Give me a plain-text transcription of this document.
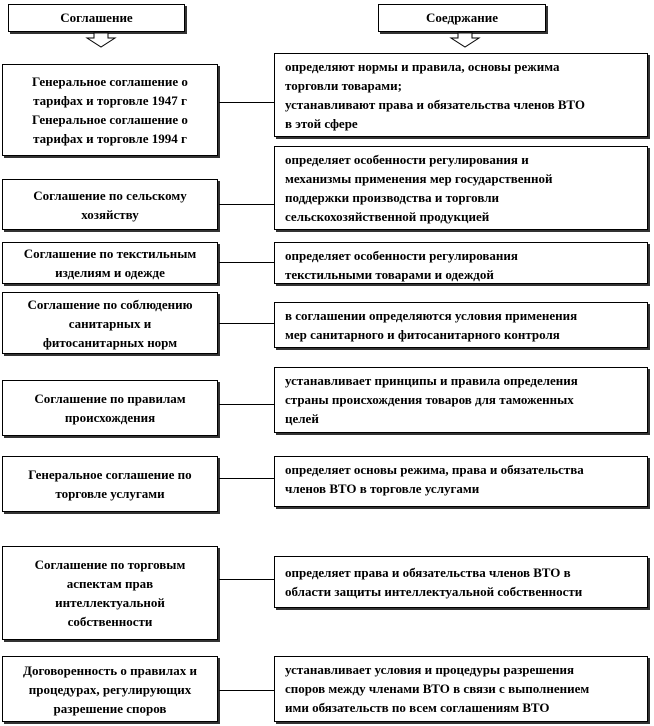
Соглашение	Соедржание
Генеральное соглашение о
тарифах и торговле 1947 г
Генеральное соглашение о
тарифах и торговле 1994 г
определяют нормы и правила, основы режима
торговли товарами;
устанавливают права и обязательства членов ВТО
в этой сфере
Соглашение по сельскому
хозяйству
определяет особенности регулирования и
механизмы применения мер государственной
поддержки производства и торговли
сельскохозяйственной продукцией
Соглашение по текстильным
изделиям и одежде
определяет особенности регулирования
текстильными товарами и одеждой
Соглашение по соблюдению
санитарных и
фитосанитарных норм
в соглашении определяются условия применения
мер санитарного и фитосанитарного контроля
Соглашение по правилам
происхождения
устанавливает принципы и правила определения
страны происхождения товаров для таможенных
целей
Генеральное соглашение по
торговле услугами
определяет основы режима, права и обязательства
членов ВТО в торговле услугами
Соглашение по торговым
аспектам прав
интеллектуальной
собственности
определяет права и обязательства членов ВТО в
области защиты интеллектуальной собственности
Договоренность о правилах и
процедурах, регулирующих
разрешение споров
устанавливает условия и процедуры разрешения
споров между членами ВТО в связи с выполнением
ими обязательств по всем соглашениям ВТО
